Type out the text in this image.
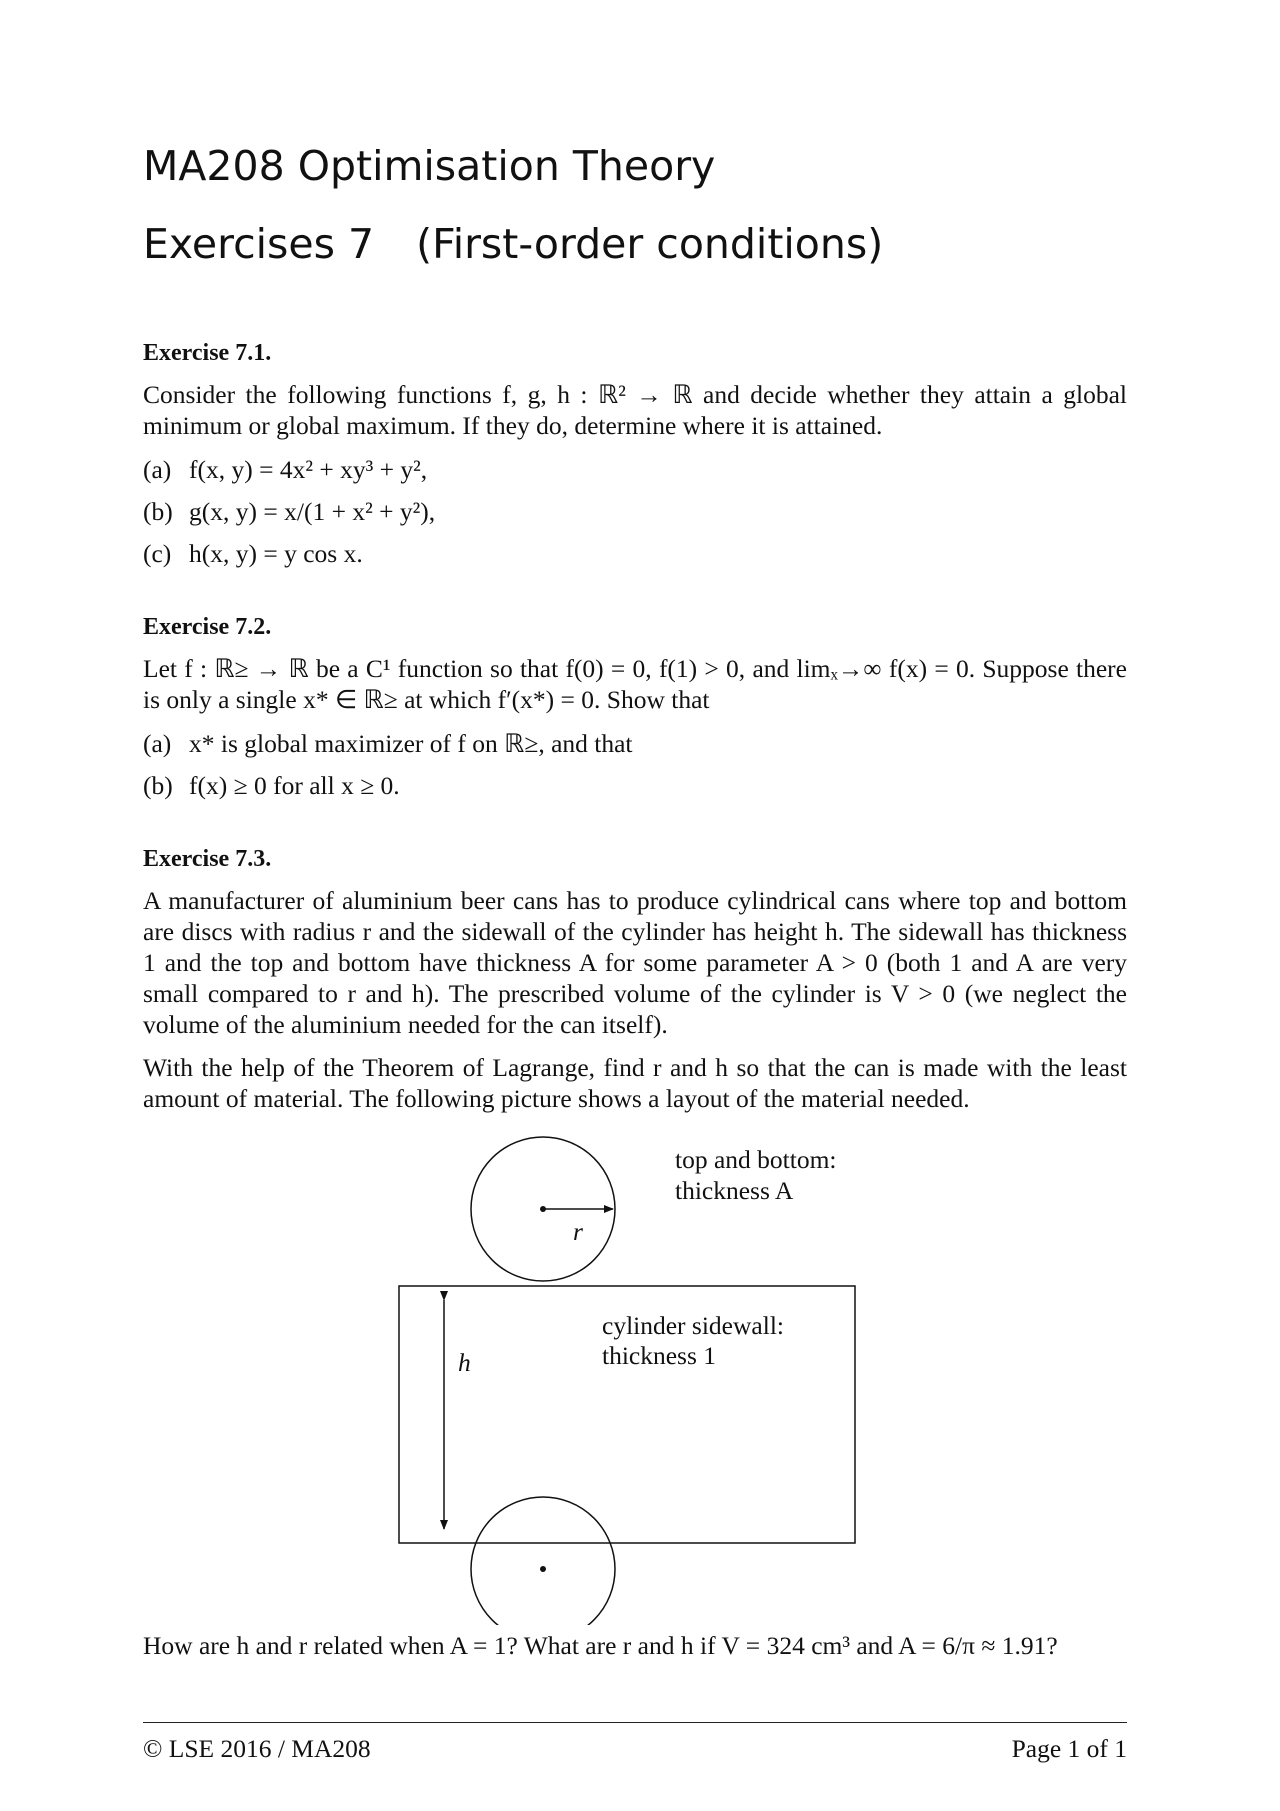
MA208 Optimisation Theory
Exercises 7 (First-order conditions)

Exercise 7.1.

Consider the following functions f, g, h : ℝ² → ℝ and decide whether they attain a global minimum or global maximum. If they do, determine where it is attained.

(a) f(x, y) = 4x² + xy³ + y²,

(b) g(x, y) = x/(1 + x² + y²),

(c) h(x, y) = y cos x.

Exercise 7.2.

Let f : ℝ≥ → ℝ be a C¹ function so that f(0) = 0, f(1) > 0, and limₓ→∞ f(x) = 0. Suppose there is only a single x* ∈ ℝ≥ at which f′(x*) = 0. Show that

(a) x* is global maximizer of f on ℝ≥, and that

(b) f(x) ≥ 0 for all x ≥ 0.

Exercise 7.3.

A manufacturer of aluminium beer cans has to produce cylindrical cans where top and bottom are discs with radius r and the sidewall of the cylinder has height h. The sidewall has thickness 1 and the top and bottom have thickness A for some parameter A > 0 (both 1 and A are very small compared to r and h). The prescribed volume of the cylinder is V > 0 (we neglect the volume of the aluminium needed for the can itself).

With the help of the Theorem of Lagrange, find r and h so that the can is made with the least amount of material. The following picture shows a layout of the material needed.

r

top and bottom:

thickness A

cylinder sidewall:

thickness 1

h

How are h and r related when A = 1? What are r and h if V = 324 cm³ and A = 6/π ≈ 1.91?

© LSE 2016 / MA208	Page 1 of 1
